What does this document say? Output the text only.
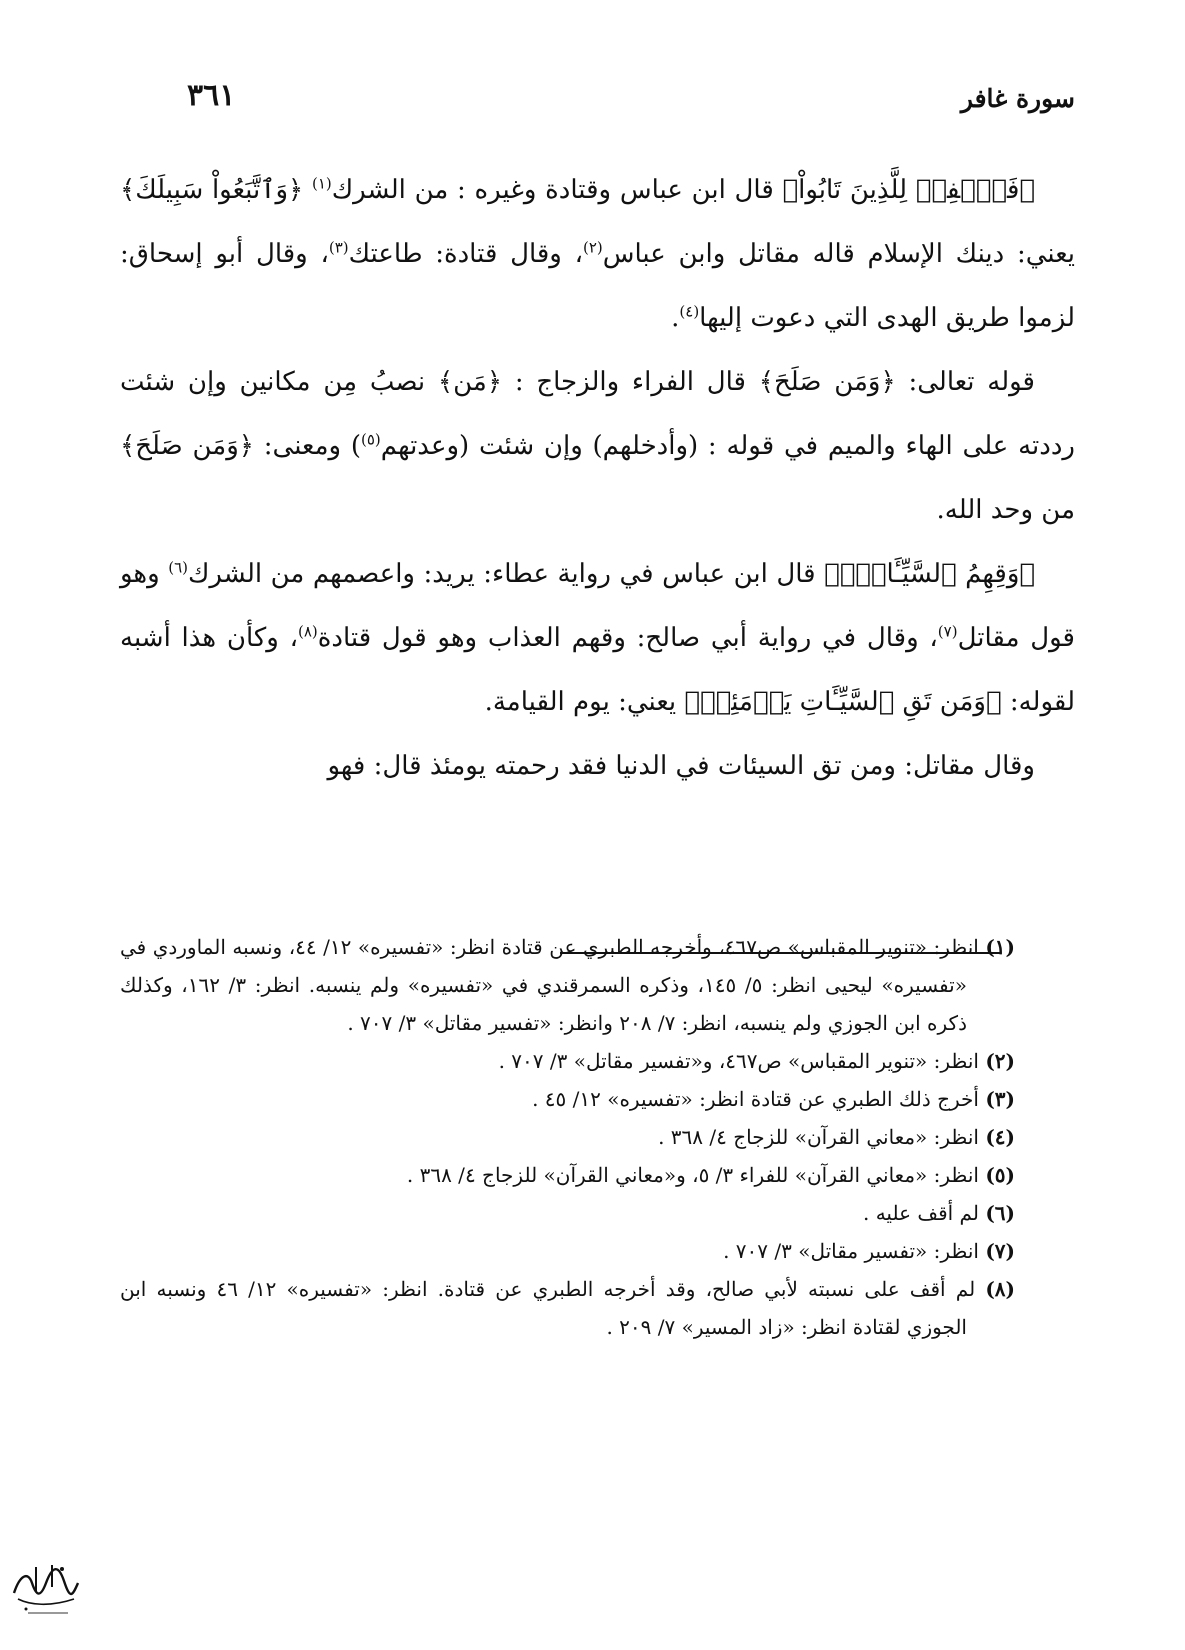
سورة غافر
٣٦١

﴿فَٱغۡفِرۡ لِلَّذِينَ تَابُواْ﴾ قال ابن عباس وقتادة وغيره : من الشرك$^{(١)}$ ﴿وَٱتَّبَعُواْ سَبِيلَكَ﴾ يعني: دينك الإسلام قاله مقاتل وابن عباس$^{(٢)}$، وقال قتادة: طاعتك$^{(٣)}$، وقال أبو إسحاق: لزموا طريق الهدى التي دعوت إليها$^{(٤)}$.

قوله تعالى: ﴿وَمَن صَلَحَ﴾ قال الفراء والزجاج : ﴿مَن﴾ نصبُ مِن مكانين وإن شئت رددته على الهاء والميم في قوله : (وأدخلهم) وإن شئت (وعدتهم$^{(٥)}$) ومعنى: ﴿وَمَن صَلَحَ﴾ من وحد الله.

﴿وَقِهِمُ ٱلسَّيِّـَٔاتِۚ﴾ قال ابن عباس في رواية عطاء: يريد: واعصمهم من الشرك$^{(٦)}$ وهو قول مقاتل$^{(٧)}$، وقال في رواية أبي صالح: وقهم العذاب وهو قول قتادة$^{(٨)}$، وكأن هذا أشبه لقوله: ﴿وَمَن تَقِ ٱلسَّيِّـَٔاتِ يَوۡمَئِذٖ﴾ يعني: يوم القيامة.

وقال مقاتل: ومن تق السيئات في الدنيا فقد رحمته يومئذ قال: فهو

(١) انظر: «تنوير المقباس» ص٤٦٧، وأخرجه الطبري عن قتادة انظر: «تفسيره» ١٢/ ٤٤، ونسبه الماوردي في «تفسيره» ليحيى انظر: ٥/ ١٤٥، وذكره السمرقندي في «تفسيره» ولم ينسبه. انظر: ٣/ ١٦٢، وكذلك ذكره ابن الجوزي ولم ينسبه، انظر: ٧/ ٢٠٨ وانظر: «تفسير مقاتل» ٣/ ٧٠٧ .

(٢) انظر: «تنوير المقباس» ص٤٦٧، و«تفسير مقاتل» ٣/ ٧٠٧ .

(٣) أخرج ذلك الطبري عن قتادة انظر: «تفسيره» ١٢/ ٤٥ .

(٤) انظر: «معاني القرآن» للزجاج ٤/ ٣٦٨ .

(٥) انظر: «معاني القرآن» للفراء ٣/ ٥، و«معاني القرآن» للزجاج ٤/ ٣٦٨ .

(٦) لم أقف عليه .

(٧) انظر: «تفسير مقاتل» ٣/ ٧٠٧ .

(٨) لم أقف على نسبته لأبي صالح، وقد أخرجه الطبري عن قتادة. انظر: «تفسيره» ١٢/ ٤٦ ونسبه ابن الجوزي لقتادة انظر: «زاد المسير» ٧/ ٢٠٩ .
